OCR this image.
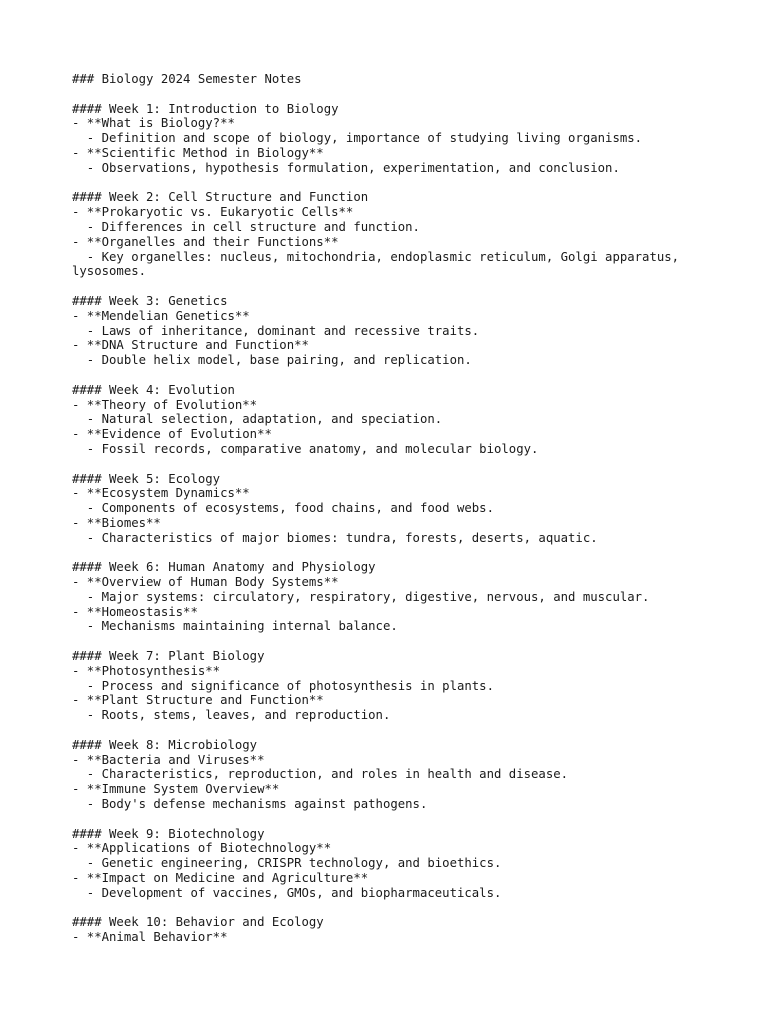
### Biology 2024 Semester Notes
#### Week 1: Introduction to Biology
- **What is Biology?**
- Definition and scope of biology, importance of studying living organisms.
- **Scientific Method in Biology**
- Observations, hypothesis formulation, experimentation, and conclusion.
#### Week 2: Cell Structure and Function
- **Prokaryotic vs. Eukaryotic Cells**
- Differences in cell structure and function.
- **Organelles and their Functions**
- Key organelles: nucleus, mitochondria, endoplasmic reticulum, Golgi apparatus,
lysosomes.
#### Week 3: Genetics
- **Mendelian Genetics**
- Laws of inheritance, dominant and recessive traits.
- **DNA Structure and Function**
- Double helix model, base pairing, and replication.
#### Week 4: Evolution
- **Theory of Evolution**
- Natural selection, adaptation, and speciation.
- **Evidence of Evolution**
- Fossil records, comparative anatomy, and molecular biology.
#### Week 5: Ecology
- **Ecosystem Dynamics**
- Components of ecosystems, food chains, and food webs.
- **Biomes**
- Characteristics of major biomes: tundra, forests, deserts, aquatic.
#### Week 6: Human Anatomy and Physiology
- **Overview of Human Body Systems**
- Major systems: circulatory, respiratory, digestive, nervous, and muscular.
- **Homeostasis**
- Mechanisms maintaining internal balance.
#### Week 7: Plant Biology
- **Photosynthesis**
- Process and significance of photosynthesis in plants.
- **Plant Structure and Function**
- Roots, stems, leaves, and reproduction.
#### Week 8: Microbiology
- **Bacteria and Viruses**
- Characteristics, reproduction, and roles in health and disease.
- **Immune System Overview**
- Body's defense mechanisms against pathogens.
#### Week 9: Biotechnology
- **Applications of Biotechnology**
- Genetic engineering, CRISPR technology, and bioethics.
- **Impact on Medicine and Agriculture**
- Development of vaccines, GMOs, and biopharmaceuticals.
#### Week 10: Behavior and Ecology
- **Animal Behavior**
